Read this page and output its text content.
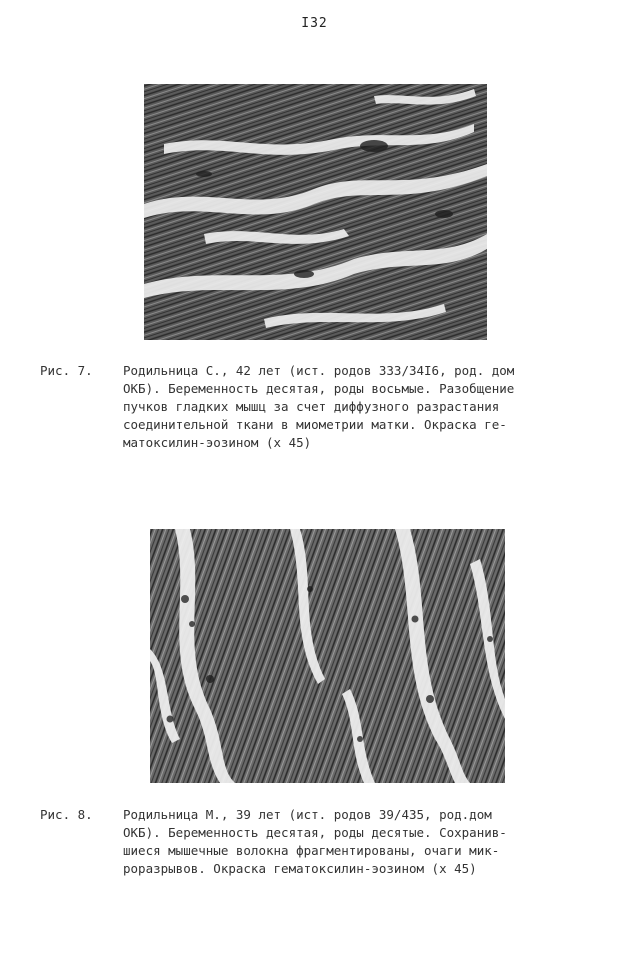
I32
Рис. 7. Родильница С., 42 лет (ист. родов 333/34I6, род. дом
ОКБ). Беременность десятая, роды восьмые. Разобщение
пучков гладких мышц за счет диффузного разрастания
соединительной ткани в миометрии матки. Окраска ге-
матоксилин-эозином (х 45)
Рис. 8. Родильница М., 39 лет (ист. родов 39/435, род.дом
ОКБ). Беременность десятая, роды десятые. Сохранив-
шиеся мышечные волокна фрагментированы, очаги мик-
роразрывов. Окраска гематоксилин-эозином (х 45)
